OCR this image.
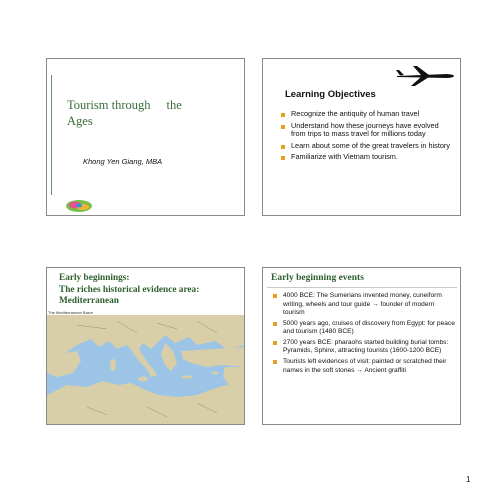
Tourism through the
Ages
Khong Yen Giang, MBA
Learning Objectives
Recognize the antiquity of human travel
Understand how these journeys have evolved from trips to mass travel for millions today
Learn about some of the great travelers in history
Familiarize with Vietnam tourism.
Early beginnings:
The riches historical evidence area:
Mediterranean
The Mediterranean Basin
Early beginning events
4000 BCE: The Sumerians invented money, cuneiform writing, wheels and tour guide → founder of modern tourism
5000 years ago, cruises of discovery from Egypt: for peace and tourism (1480 BCE)
2700 years BCE: pharaohs started building burial tombs: Pyramids, Sphinx, attracting tourists (1600-1200 BCE)
Tourists left evidences of visit: painted or scratched their names in the soft stones → Ancient graffiti
1
